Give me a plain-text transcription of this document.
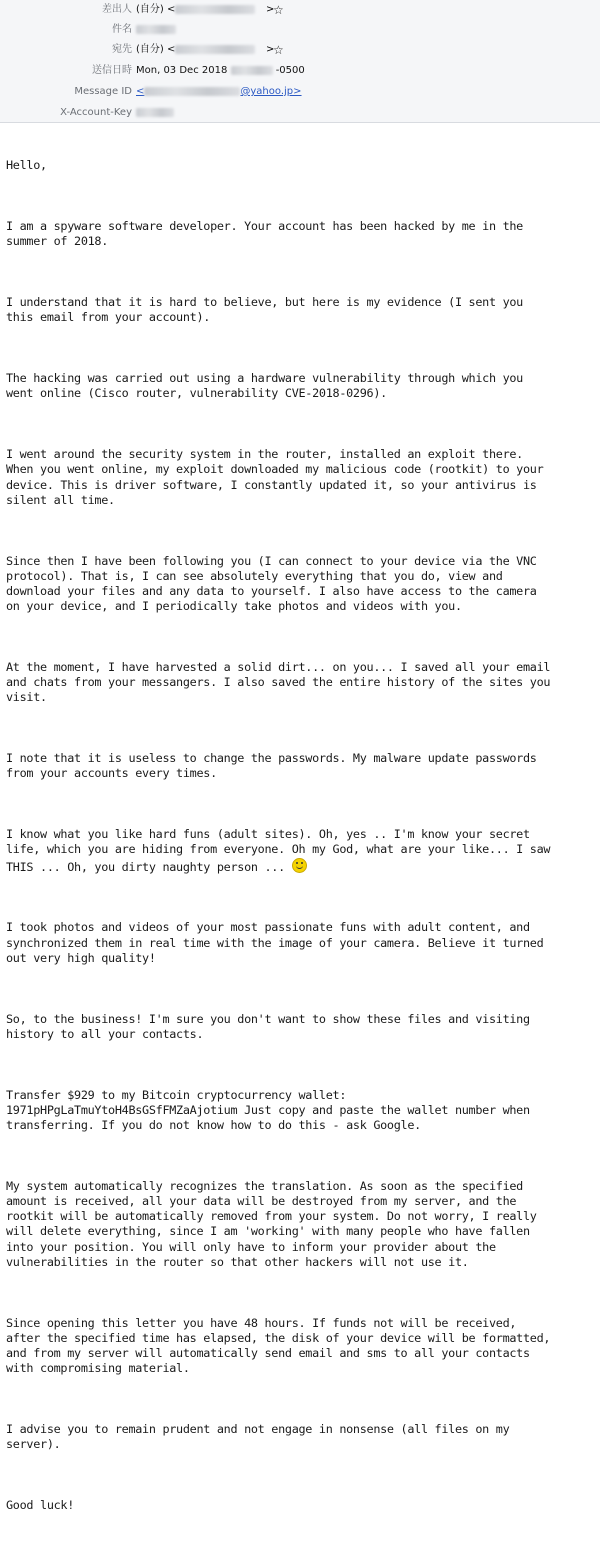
差出人 (自分) <	>
☆
件名
宛先 (自分) <	>
☆
送信日時 Mon, 03 Dec 2018	-0500
Message ID <	@yahoo.jp>
X-Account-Key

Hello,

I am a spyware software developer. Your account has been hacked by me in the
summer of 2018.

I understand that it is hard to believe, but here is my evidence (I sent you
this email from your account).

The hacking was carried out using a hardware vulnerability through which you
went online (Cisco router, vulnerability CVE-2018-0296).

I went around the security system in the router, installed an exploit there.
When you went online, my exploit downloaded my malicious code (rootkit) to your
device. This is driver software, I constantly updated it, so your antivirus is
silent all time.

Since then I have been following you (I can connect to your device via the VNC
protocol). That is, I can see absolutely everything that you do, view and
download your files and any data to yourself. I also have access to the camera
on your device, and I periodically take photos and videos with you.

At the moment, I have harvested a solid dirt... on you... I saved all your email
and chats from your messangers. I also saved the entire history of the sites you
visit.

I note that it is useless to change the passwords. My malware update passwords
from your accounts every times.

I know what you like hard funs (adult sites). Oh, yes .. I'm know your secret
life, which you are hiding from everyone. Oh my God, what are your like... I saw
THIS ... Oh, you dirty naughty person ...

I took photos and videos of your most passionate funs with adult content, and
synchronized them in real time with the image of your camera. Believe it turned
out very high quality!

So, to the business! I'm sure you don't want to show these files and visiting
history to all your contacts.

Transfer $929 to my Bitcoin cryptocurrency wallet:
1971pHPgLaTmuYtoH4BsGSfFMZaAjotium Just copy and paste the wallet number when
transferring. If you do not know how to do this - ask Google.

My system automatically recognizes the translation. As soon as the specified
amount is received, all your data will be destroyed from my server, and the
rootkit will be automatically removed from your system. Do not worry, I really
will delete everything, since I am 'working' with many people who have fallen
into your position. You will only have to inform your provider about the
vulnerabilities in the router so that other hackers will not use it.

Since opening this letter you have 48 hours. If funds not will be received,
after the specified time has elapsed, the disk of your device will be formatted,
and from my server will automatically send email and sms to all your contacts
with compromising material.

I advise you to remain prudent and not engage in nonsense (all files on my
server).

Good luck!
